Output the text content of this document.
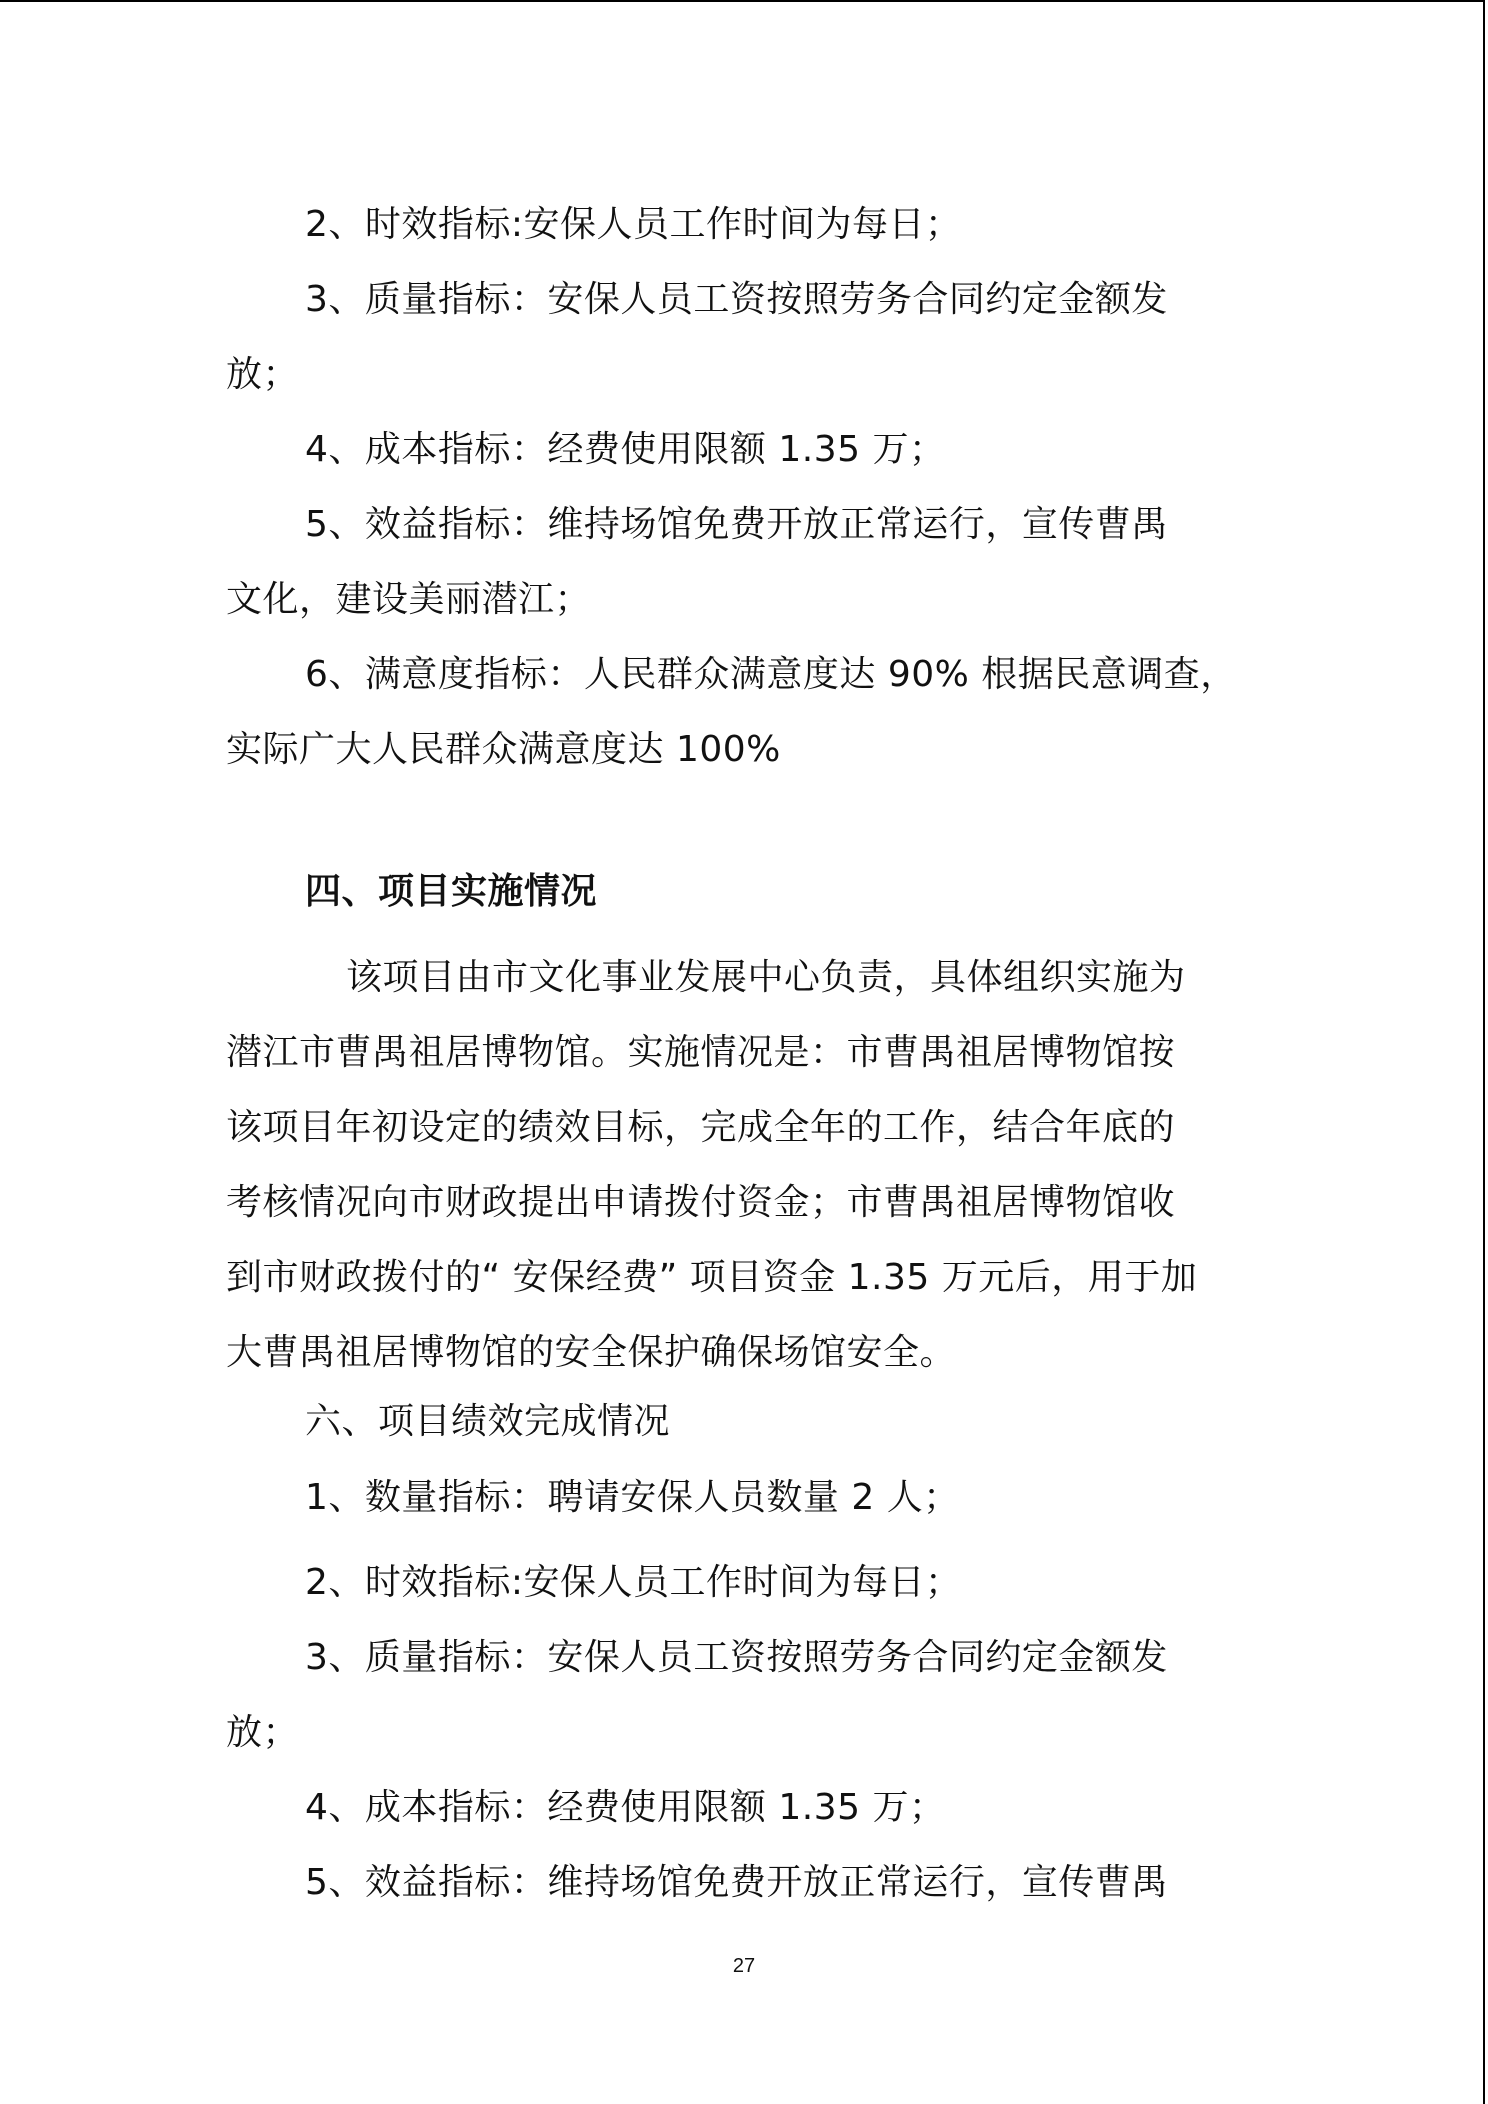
2、时效指标:安保人员工作时间为每日；
3、质量指标：安保人员工资按照劳务合同约定金额发
放；
4、成本指标：经费使用限额 1.35 万；
5、效益指标：维持场馆免费开放正常运行，宣传曹禺
文化，建设美丽潜江；
6、满意度指标：人民群众满意度达 90% 根据民意调查，
实际广大人民群众满意度达 100%
四、项目实施情况
该项目由市文化事业发展中心负责，具体组织实施为
潜江市曹禺祖居博物馆。实施情况是：市曹禺祖居博物馆按
该项目年初设定的绩效目标，完成全年的工作，结合年底的
考核情况向市财政提出申请拨付资金；市曹禺祖居博物馆收
到市财政拨付的“ 安保经费” 项目资金 1.35 万元后，用于加
大曹禺祖居博物馆的安全保护确保场馆安全。
六、项目绩效完成情况
1、数量指标：聘请安保人员数量 2 人；
2、时效指标:安保人员工作时间为每日；
3、质量指标：安保人员工资按照劳务合同约定金额发
放；
4、成本指标：经费使用限额 1.35 万；
5、效益指标：维持场馆免费开放正常运行，宣传曹禺
27
